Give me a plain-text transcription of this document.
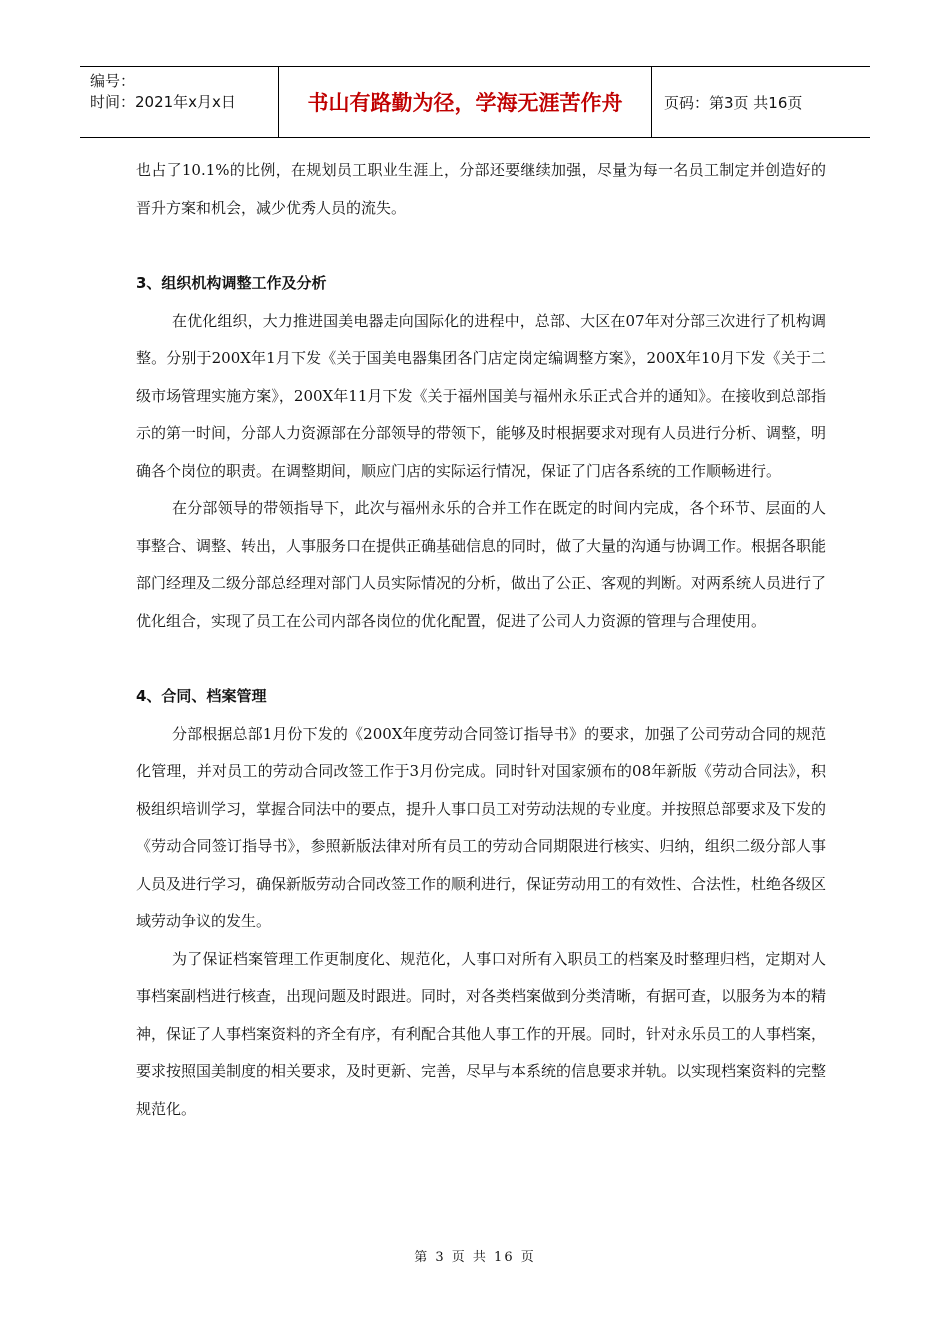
编号：
时间：2021年x月x日	书山有路勤为径，学海无涯苦作舟	页码：第3页 共16页

也占了10.1%的比例，在规划员工职业生涯上，分部还要继续加强，尽量为每一名员工制定并创造好的晋升方案和机会，减少优秀人员的流失。

3、组织机构调整工作及分析

在优化组织，大力推进国美电器走向国际化的进程中，总部、大区在07年对分部三次进行了机构调整。分别于200X年1月下发《关于国美电器集团各门店定岗定编调整方案》，200X年10月下发《关于二级市场管理实施方案》，200X年11月下发《关于福州国美与福州永乐正式合并的通知》。在接收到总部指示的第一时间，分部人力资源部在分部领导的带领下，能够及时根据要求对现有人员进行分析、调整，明确各个岗位的职责。在调整期间，顺应门店的实际运行情况，保证了门店各系统的工作顺畅进行。

在分部领导的带领指导下，此次与福州永乐的合并工作在既定的时间内完成，各个环节、层面的人事整合、调整、转出，人事服务口在提供正确基础信息的同时，做了大量的沟通与协调工作。根据各职能部门经理及二级分部总经理对部门人员实际情况的分析，做出了公正、客观的判断。对两系统人员进行了优化组合，实现了员工在公司内部各岗位的优化配置，促进了公司人力资源的管理与合理使用。

4、合同、档案管理

分部根据总部1月份下发的《200X年度劳动合同签订指导书》的要求，加强了公司劳动合同的规范化管理，并对员工的劳动合同改签工作于3月份完成。同时针对国家颁布的08年新版《劳动合同法》，积极组织培训学习，掌握合同法中的要点，提升人事口员工对劳动法规的专业度。并按照总部要求及下发的《劳动合同签订指导书》，参照新版法律对所有员工的劳动合同期限进行核实、归纳，组织二级分部人事人员及进行学习，确保新版劳动合同改签工作的顺利进行，保证劳动用工的有效性、合法性，杜绝各级区域劳动争议的发生。

为了保证档案管理工作更制度化、规范化，人事口对所有入职员工的档案及时整理归档，定期对人事档案副档进行核查，出现问题及时跟进。同时，对各类档案做到分类清晰，有据可查，以服务为本的精神，保证了人事档案资料的齐全有序，有利配合其他人事工作的开展。同时，针对永乐员工的人事档案，要求按照国美制度的相关要求，及时更新、完善，尽早与本系统的信息要求并轨。以实现档案资料的完整规范化。

第 3 页 共 16 页
